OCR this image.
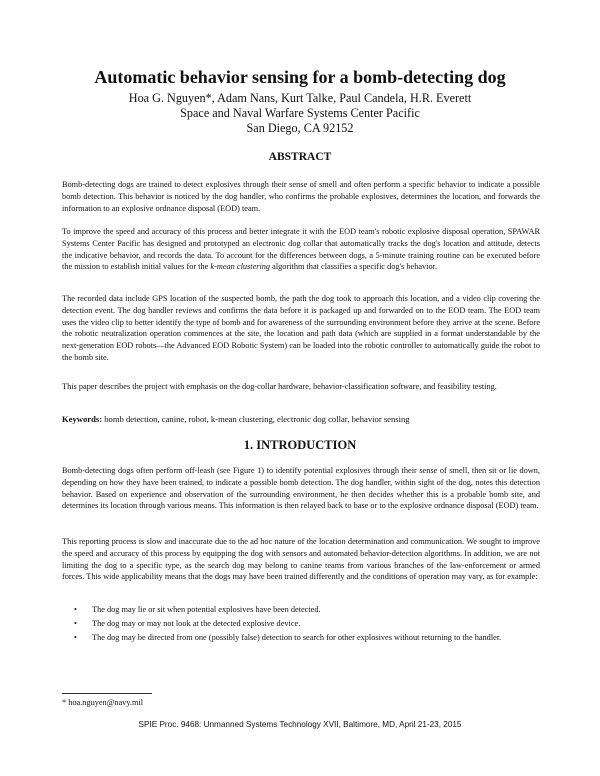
Automatic behavior sensing for a bomb-detecting dog
Hoa G. Nguyen*, Adam Nans, Kurt Talke, Paul Candela, H.R. Everett
Space and Naval Warfare Systems Center Pacific
San Diego, CA 92152
ABSTRACT

Bomb-detecting dogs are trained to detect explosives through their sense of smell and often perform a specific behavior to indicate a possible bomb detection. This behavior is noticed by the dog handler, who confirms the probable explosives, determines the location, and forwards the information to an explosive ordnance disposal (EOD) team.

To improve the speed and accuracy of this process and better integrate it with the EOD team's robotic explosive disposal operation, SPAWAR Systems Center Pacific has designed and prototyped an electronic dog collar that automatically tracks the dog's location and attitude, detects the indicative behavior, and records the data. To account for the differences between dogs, a 5-minute training routine can be executed before the mission to establish initial values for the k-mean clustering algorithm that classifies a specific dog's behavior.

The recorded data include GPS location of the suspected bomb, the path the dog took to approach this location, and a video clip covering the detection event. The dog handler reviews and confirms the data before it is packaged up and forwarded on to the EOD team. The EOD team uses the video clip to better identify the type of bomb and for awareness of the surrounding environment before they arrive at the scene. Before the robotic neutralization operation commences at the site, the location and path data (which are supplied in a format understandable by the next-generation EOD robots—the Advanced EOD Robotic System) can be loaded into the robotic controller to automatically guide the robot to the bomb site.

This paper describes the project with emphasis on the dog-collar hardware, behavior-classification software, and feasibility testing.

Keywords: bomb detection, canine, robot, k-mean clustering, electronic dog collar, behavior sensing

1. INTRODUCTION

Bomb-detecting dogs often perform off-leash (see Figure 1) to identify potential explosives through their sense of smell, then sit or lie down, depending on how they have been trained, to indicate a possible bomb detection. The dog handler, within sight of the dog, notes this detection behavior. Based on experience and observation of the surrounding environment, he then decides whether this is a probable bomb site, and determines its location through various means. This information is then relayed back to base or to the explosive ordnance disposal (EOD) team.

This reporting process is slow and inaccurate due to the ad hoc nature of the location determination and communication. We sought to improve the speed and accuracy of this process by equipping the dog with sensors and automated behavior-detection algorithms. In addition, we are not limiting the dog to a specific type, as the search dog may belong to canine teams from various branches of the law-enforcement or armed forces. This wide applicability means that the dogs may have been trained differently and the conditions of operation may vary, as for example:

• The dog may lie or sit when potential explosives have been detected.
• The dog may or may not look at the detected explosive device.
• The dog may be directed from one (possibly false) detection to search for other explosives without returning to the handler.
* hoa.nguyen@navy.mil
SPIE Proc. 9468: Unmanned Systems Technology XVII, Baltimore, MD, April 21-23, 2015
